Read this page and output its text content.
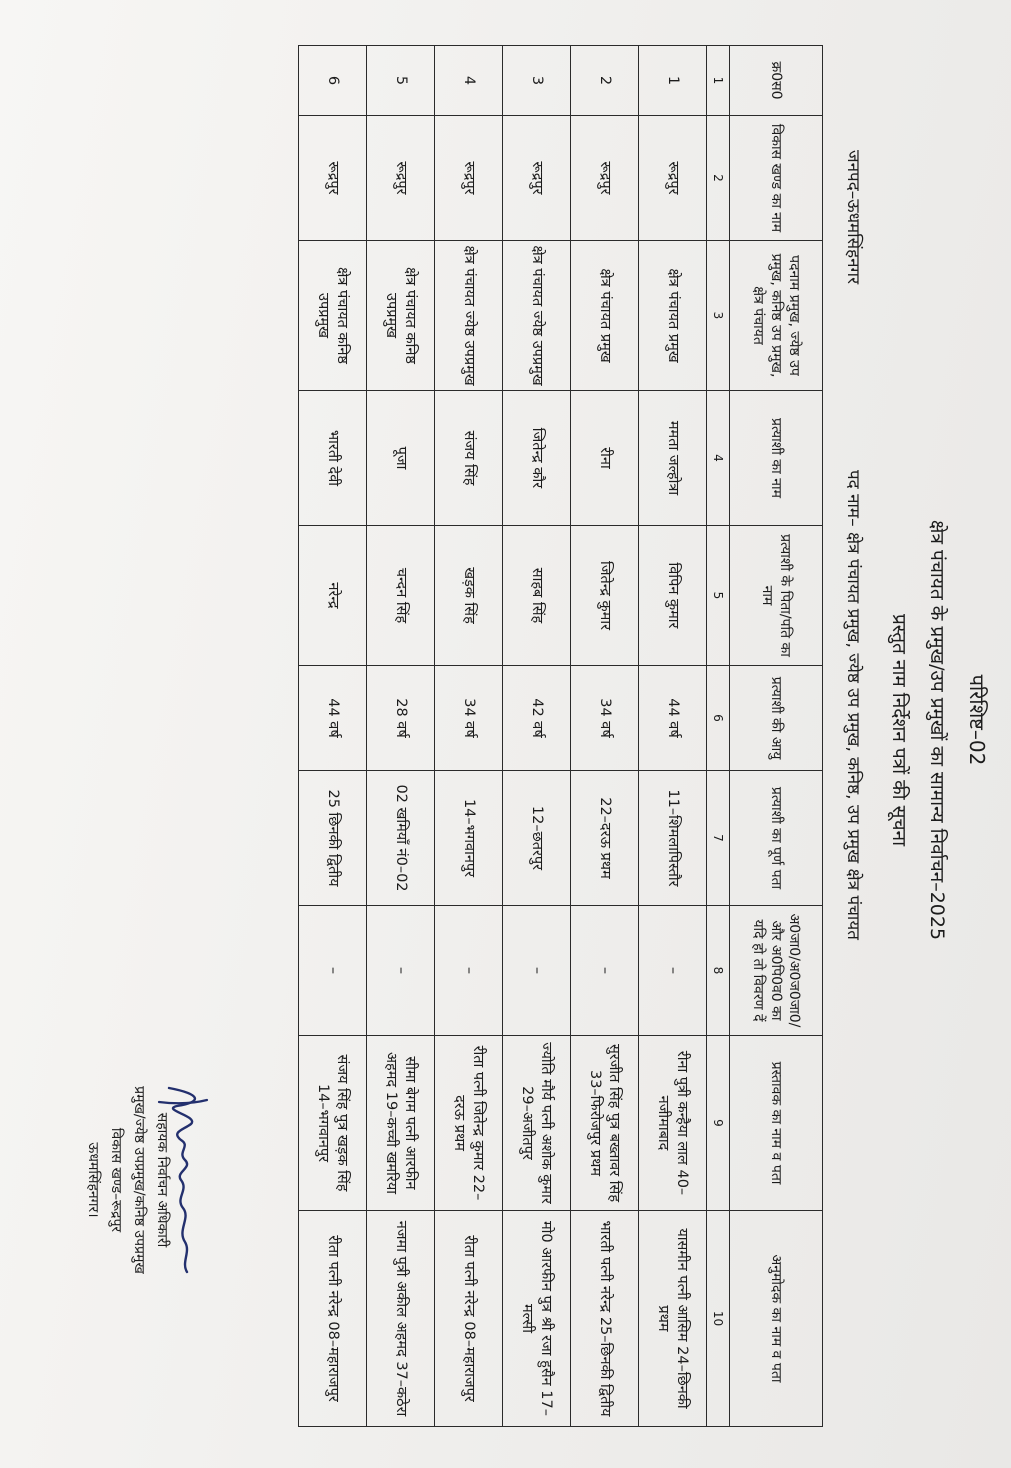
परिशिष्ट–02
क्षेत्र पंचायत के प्रमुख/उप प्रमुखों का सामान्य निर्वाचन–2025
प्रस्तुत नाम निर्देशन पत्रों की सूचना
जनपद–ऊधमसिंहनगर
पद नाम– क्षेत्र पंचायत प्रमुख, ज्येष्ठ उप प्रमुख, कनिष्ठ, उप प्रमुख क्षेत्र पंचायत
क्र0स0	विकास खण्ड का नाम	पदनाम प्रमुख, ज्येष्ठ उप प्रमुख, कनिष्ठ उप प्रमुख, क्षेत्र पंचायत	प्रत्याशी का नाम	प्रत्याशी के पिता/पति का नाम	प्रत्याशी की आयु	प्रत्याशी का पूर्ण पता	अ0जा0/अ0ज0जा0/और अ0पि0व0 का यदि हो तो विवरण दें	प्रस्तावक का नाम व पता	अनुमोदक का नाम व पता
1	2	3	4	5	6	7	8	9	10
1	रूद्रपुर	क्षेत्र पंचायत प्रमुख	ममता जल्होत्रा	विपिन कुमार	44 वर्ष	11–शिमलापिस्तौर	–	रीना पुत्री कन्हैया लाल 40–नजीमाबाद	यासमीन पत्नी आसिम 24–छिनकी प्रथम
2	रूद्रपुर	क्षेत्र पंचायत प्रमुख	रीना	जितेन्द्र कुमार	34 वर्ष	22–दरऊ प्रथम	–	सुरजीत सिंह पुत्र बख्तावर सिंह 33–फिरोजपुर प्रथम	भारती पत्नी नरेन्द्र 25–छिनकी द्वितीय
3	रूद्रपुर	क्षेत्र पंचायत ज्येष्ठ उपप्रमुख	जितेन्द्र कौर	साहब सिंह	42 वर्ष	12–छतरपुर	–	ज्योति मौर्य पत्नी अशोक कुमार 29–अजीतपुर	मो0 आरफीन पुत्र श्री रजा हुसैन 17–मल्सी
4	रूद्रपुर	क्षेत्र पंचायत ज्येष्ठ उपप्रमुख	संजय सिंह	खड़क सिंह	34 वर्ष	14–भगवानपुर	–	रीता पत्नी जितेन्द्र कुमार 22–दरऊ प्रथम	रीता पत्नी नरेन्द्र 08–महाराजपुर
5	रूद्रपुर	क्षेत्र पंचायत कनिष्ठ उपप्रमुख	पूजा	चन्दन सिंह	28 वर्ष	02 खमियाँ नं0–02	–	सीमा बेगम पत्नी आरफीन अहमद 19–कच्ची खमरिया	नजमा पुत्री अकील अहमद 37–कठेरा
6	रूद्रपुर	क्षेत्र पंचायत कनिष्ठ उपप्रमुख	भारती देवी	नरेन्द्र	44 वर्ष	25 छिनकी द्वितीय	–	संजय सिंह पुत्र खड़क सिंह 14–भगवानपुर	रीता पत्नी नरेन्द्र 08–महाराजपुर
सहायक निर्वाचन अधिकारी
प्रमुख/ज्येष्ठ उपप्रमुख/कनिष्ठ उपप्रमुख
विकास खण्ड–रूद्रपुर
ऊधमसिंहनगर।
